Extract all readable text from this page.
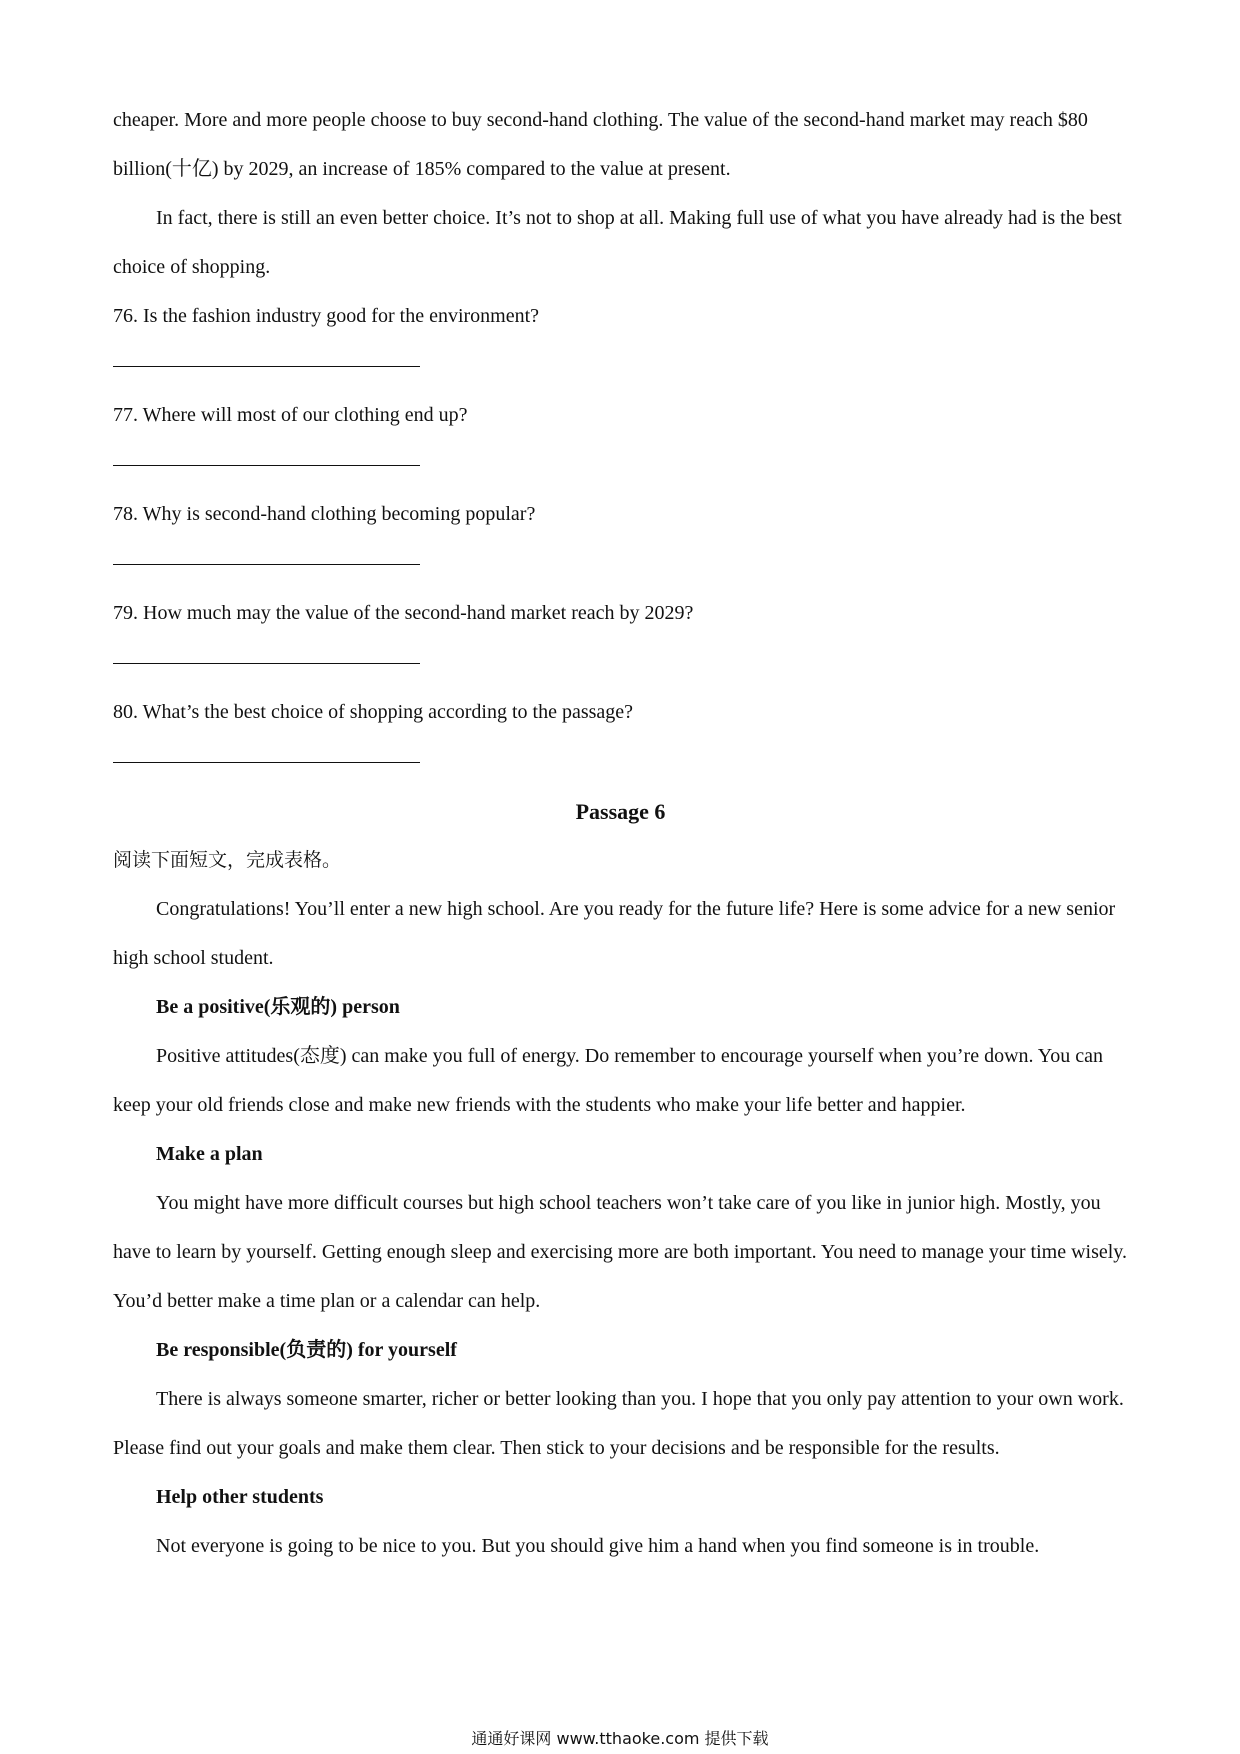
cheaper. More and more people choose to buy second-hand clothing. The value of the second-hand market may reach $80 billion(十亿) by 2029, an increase of 185% compared to the value at present.

In fact, there is still an even better choice. It’s not to shop at all. Making full use of what you have already had is the best choice of shopping.

76. Is the fashion industry good for the environment?

77. Where will most of our clothing end up?

78. Why is second-hand clothing becoming popular?

79. How much may the value of the second-hand market reach by 2029?

80. What’s the best choice of shopping according to the passage?

Passage 6

阅读下面短文，完成表格。

Congratulations! You’ll enter a new high school. Are you ready for the future life? Here is some advice for a new senior high school student.

Be a positive(乐观的) person

Positive attitudes(态度) can make you full of energy. Do remember to encourage yourself when you’re down. You can keep your old friends close and make new friends with the students who make your life better and happier.

Make a plan

You might have more difficult courses but high school teachers won’t take care of you like in junior high. Mostly, you have to learn by yourself. Getting enough sleep and exercising more are both important. You need to manage your time wisely. You’d better make a time plan or a calendar can help.

Be responsible(负责的) for yourself

There is always someone smarter, richer or better looking than you. I hope that you only pay attention to your own work. Please find out your goals and make them clear. Then stick to your decisions and be responsible for the results.

Help other students

Not everyone is going to be nice to you. But you should give him a hand when you find someone is in trouble.

通通好课网 www.tthaoke.com 提供下载
